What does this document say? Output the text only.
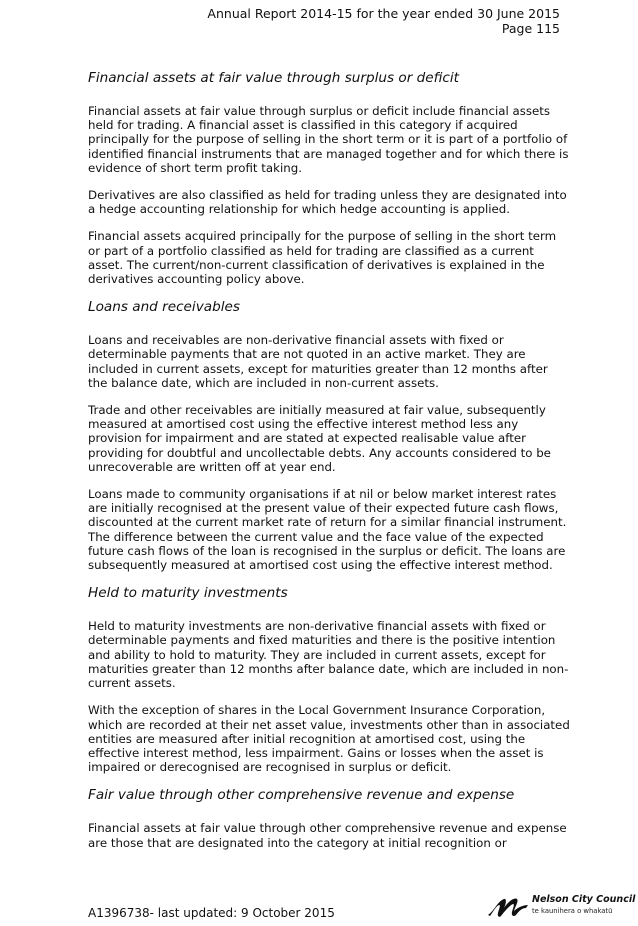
Annual Report 2014-15 for the year ended 30 June 2015
Page 115
Financial assets at fair value through surplus or deficit

Financial assets at fair value through surplus or deficit include financial assets held for trading. A financial asset is classified in this category if acquired principally for the purpose of selling in the short term or it is part of a portfolio of identified financial instruments that are managed together and for which there is evidence of short term profit taking.

Derivatives are also classified as held for trading unless they are designated into a hedge accounting relationship for which hedge accounting is applied.

Financial assets acquired principally for the purpose of selling in the short term or part of a portfolio classified as held for trading are classified as a current asset. The current/non-current classification of derivatives is explained in the derivatives accounting policy above.

Loans and receivables

Loans and receivables are non-derivative financial assets with fixed or determinable payments that are not quoted in an active market. They are included in current assets, except for maturities greater than 12 months after the balance date, which are included in non-current assets.

Trade and other receivables are initially measured at fair value, subsequently measured at amortised cost using the effective interest method less any provision for impairment and are stated at expected realisable value after providing for doubtful and uncollectable debts. Any accounts considered to be unrecoverable are written off at year end.

Loans made to community organisations if at nil or below market interest rates are initially recognised at the present value of their expected future cash flows, discounted at the current market rate of return for a similar financial instrument. The difference between the current value and the face value of the expected future cash flows of the loan is recognised in the surplus or deficit. The loans are subsequently measured at amortised cost using the effective interest method.

Held to maturity investments

Held to maturity investments are non-derivative financial assets with fixed or determinable payments and fixed maturities and there is the positive intention and ability to hold to maturity. They are included in current assets, except for maturities greater than 12 months after balance date, which are included in non-current assets.

With the exception of shares in the Local Government Insurance Corporation, which are recorded at their net asset value, investments other than in associated entities are measured after initial recognition at amortised cost, using the effective interest method, less impairment. Gains or losses when the asset is impaired or derecognised are recognised in surplus or deficit.

Fair value through other comprehensive revenue and expense

Financial assets at fair value through other comprehensive revenue and expense are those that are designated into the category at initial recognition or

A1396738- last updated: 9 October 2015
Nelson City Council
te kaunihera o whakatū
